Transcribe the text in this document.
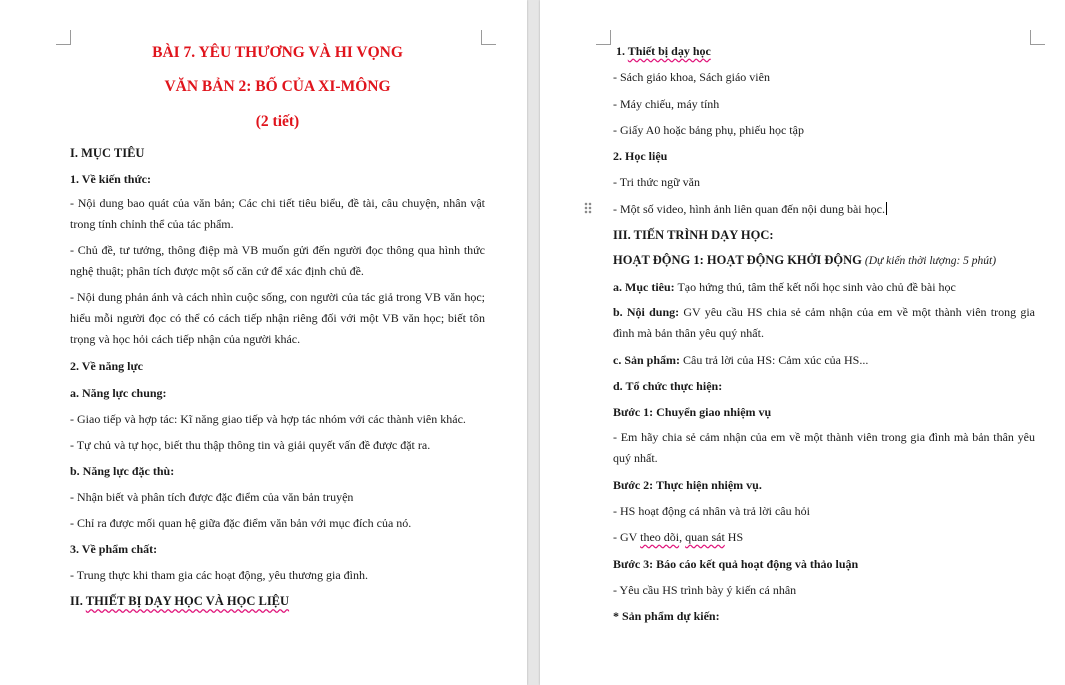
BÀI 7. YÊU THƯƠNG VÀ HI VỌNG
VĂN BẢN 2: BỐ CỦA XI-MÔNG
(2 tiết)
I. MỤC TIÊU
1. Về kiến thức:
- Nội dung bao quát của văn bản; Các chi tiết tiêu biểu, đề tài, câu chuyện, nhân vật trong tính chỉnh thể của tác phẩm.
- Chủ đề, tư tưởng, thông điệp mà VB muốn gửi đến người đọc thông qua hình thức nghệ thuật; phân tích được một số căn cứ để xác định chủ đề.
- Nội dung phản ánh và cách nhìn cuộc sống, con người của tác giả trong VB văn học; hiểu mỗi người đọc có thể có cách tiếp nhận riêng đối với một VB văn học; biết tôn trọng và học hỏi cách tiếp nhận của người khác.
2. Về năng lực
a. Năng lực chung:
- Giao tiếp và hợp tác: Kĩ năng giao tiếp và hợp tác nhóm với các thành viên khác.
- Tự chủ và tự học, biết thu thập thông tin và giải quyết vấn đề được đặt ra.
b. Năng lực đặc thù:
- Nhận biết và phân tích được đặc điểm của văn bản truyện
- Chỉ ra được mối quan hệ giữa đặc điểm văn bản với mục đích của nó.
3. Về phẩm chất:
- Trung thực khi tham gia các hoạt động, yêu thương gia đình.
II. THIẾT BỊ DẠY HỌC VÀ HỌC LIỆU
1. Thiết bị dạy học
- Sách giáo khoa, Sách giáo viên
- Máy chiếu, máy tính
- Giấy A0 hoặc bảng phụ, phiếu học tập
2. Học liệu
- Tri thức ngữ văn
- Một số video, hình ảnh liên quan đến nội dung bài học.
III. TIẾN TRÌNH DẠY HỌC:
HOẠT ĐỘNG 1: HOẠT ĐỘNG KHỞI ĐỘNG (Dự kiến thời lượng: 5 phút)
a. Mục tiêu: Tạo hứng thú, tâm thế kết nối học sinh vào chủ đề bài học
b. Nội dung: GV yêu cầu HS chia sẻ cảm nhận của em về một thành viên trong gia đình mà bản thân yêu quý nhất.
c. Sản phẩm: Câu trả lời của HS: Cảm xúc của HS...
d. Tổ chức thực hiện:
Bước 1: Chuyển giao nhiệm vụ
- Em hãy chia sẻ cảm nhận của em về một thành viên trong gia đình mà bản thân yêu quý nhất.
Bước 2: Thực hiện nhiệm vụ.
- HS hoạt động cá nhân và trả lời câu hỏi
- GV theo dõi, quan sát HS
Bước 3: Báo cáo kết quả hoạt động và thảo luận
- Yêu cầu HS trình bày ý kiến cá nhân
* Sản phẩm dự kiến:
